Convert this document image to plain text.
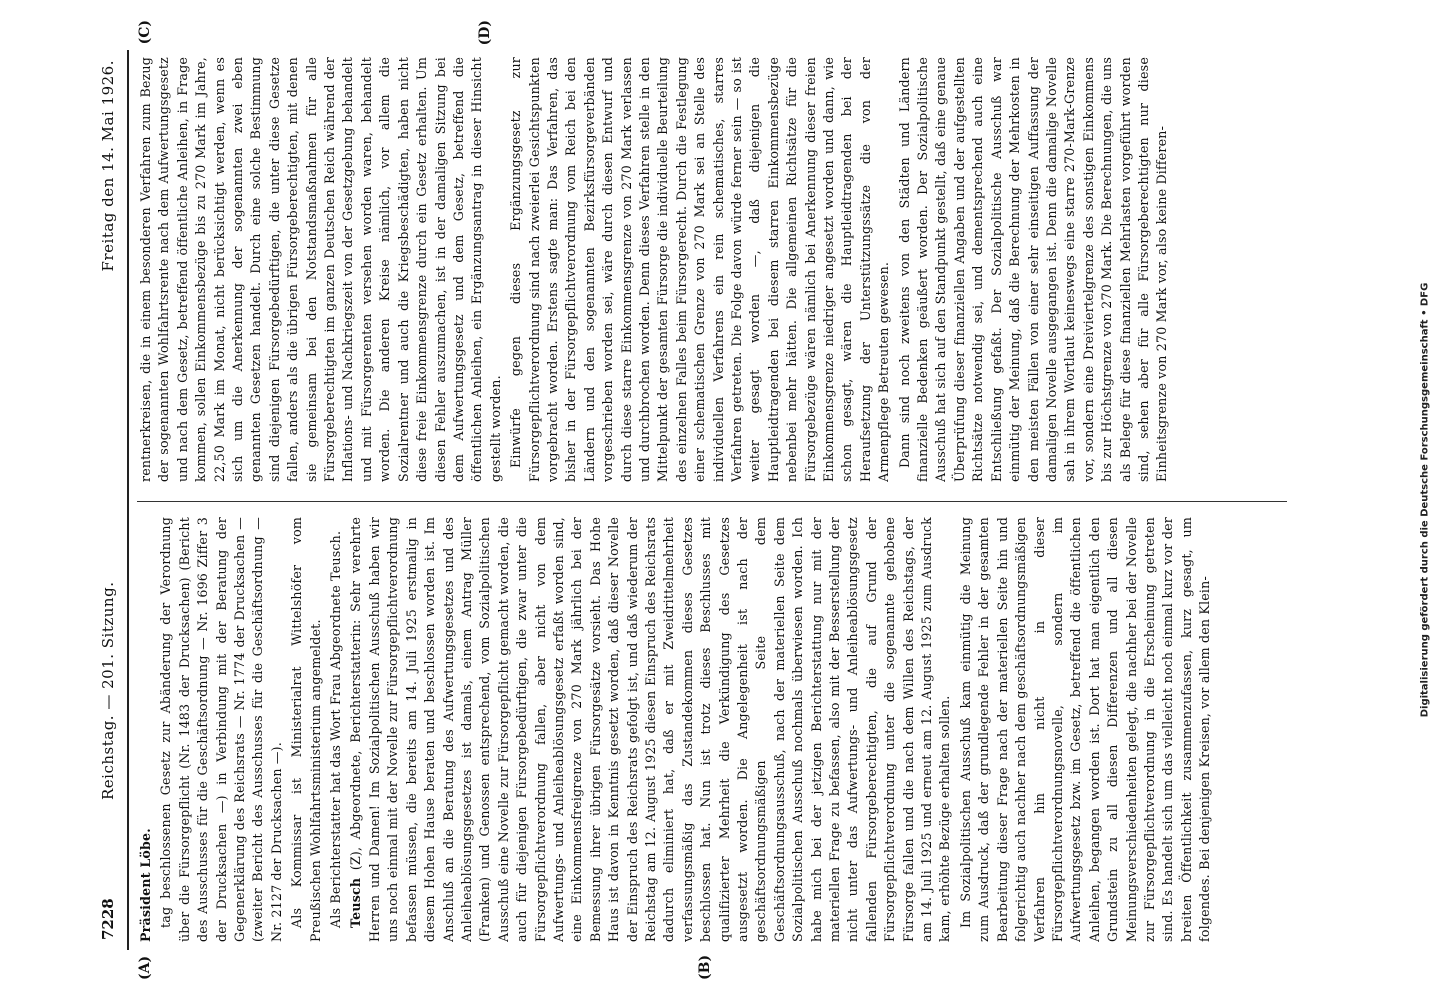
7228
Reichstag. — 201. Sitzung.
Freitag den 14. Mai 1926.
(A)	(B)
(C)	(D)

Präsident Löbe. tag beschlossenen Gesetz zur Abänderung der Verordnung über die Fürsorgepflicht (Nr. 1483 der Drucksachen) (Bericht des Ausschusses für die Geschäftsordnung — Nr. 1696 Ziffer 3 der Drucksachen —) in Verbindung mit der Beratung der Gegenerklärung des Reichsrats — Nr. 1774 der Drucksachen — (zweiter Bericht des Ausschusses für die Geschäftsordnung — Nr. 2127 der Drucksachen —). Als Kommissar ist Ministerialrat Wittelshöfer vom Preußischen Wohlfahrtsministerium angemeldet. Als Berichterstatter hat das Wort Frau Abgeordnete Teusch. Teusch (Z), Abgeordnete, Berichterstatterin: Sehr verehrte Herren und Damen! Im Sozialpolitischen Ausschuß haben wir uns noch einmal mit der Novelle zur Fürsorgepflichtverordnung befassen müssen, die bereits am 14. Juli 1925 erstmalig in diesem Hohen Hause beraten und beschlossen worden ist. Im Anschluß an die Beratung des Aufwertungsgesetzes und des Anleiheablösungsgesetzes ist damals, einem Antrag Müller (Franken) und Genossen entsprechend, vom Sozialpolitischen Ausschuß eine Novelle zur Fürsorgepflicht gemacht worden, die auch für diejenigen Fürsorgebedürftigen, die zwar unter die Fürsorgepflichtverordnung fallen, aber nicht von dem Aufwertungs- und Anleiheablösungsgesetz erfaßt worden sind, eine Einkommensfreigrenze von 270 Mark jährlich bei der Bemessung ihrer übrigen Fürsorgesätze vorsieht. Das Hohe Haus ist davon in Kenntnis gesetzt worden, daß dieser Novelle der Einspruch des Reichsrats gefolgt ist, und daß wiederum der Reichstag am 12. August 1925 diesen Einspruch des Reichsrats dadurch eliminiert hat, daß er mit Zweidrittelmehrheit verfassungsmäßig das Zustandekommen dieses Gesetzes beschlossen hat. Nun ist trotz dieses Beschlusses mit qualifizierter Mehrheit die Verkündigung des Gesetzes ausgesetzt worden. Die Angelegenheit ist nach der geschäftsordnungsmäßigen Seite dem Geschäftsordnungsausschuß, nach der materiellen Seite dem Sozialpolitischen Ausschuß nochmals überwiesen worden. Ich habe mich bei der jetzigen Berichterstattung nur mit der materiellen Frage zu befassen, also mit der Besserstellung der nicht unter das Aufwertungs- und Anleiheablösungsgesetz fallenden Fürsorgeberechtigten, die auf Grund der Fürsorgepflichtverordnung unter die sogenannte gehobene Fürsorge fallen und die nach dem Willen des Reichstags, der am 14. Juli 1925 und erneut am 12. August 1925 zum Ausdruck kam, erhöhte Bezüge erhalten sollen. Im Sozialpolitischen Ausschuß kam einmütig die Meinung zum Ausdruck, daß der grundlegende Fehler in der gesamten Bearbeitung dieser Frage nach der materiellen Seite hin und folgerichtig auch nachher nach dem geschäftsordnungsmäßigen Verfahren hin nicht in dieser Fürsorgepflichtverordnungsnovelle, sondern im Aufwertungsgesetz bzw. im Gesetz, betreffend die öffentlichen Anleihen, begangen worden ist. Dort hat man eigentlich den Grundstein zu all diesen Differenzen und all diesen Meinungsverschiedenheiten gelegt, die nachher bei der Novelle zur Fürsorgepflichtverordnung in die Erscheinung getreten sind. Es handelt sich um das vielleicht noch einmal kurz vor der breiten Öffentlichkeit zusammenzufassen, kurz gesagt, um folgendes. Bei denjenigen Kreisen, vor allem den Klein-

rentnerkreisen, die in einem besonderen Verfahren zum Bezug der sogenannten Wohlfahrtsrente nach dem Aufwertungsgesetz und nach dem Gesetz, betreffend öffentliche Anleihen, in Frage kommen, sollen Einkommensbezüge bis zu 270 Mark im Jahre, 22,50 Mark im Monat, nicht berücksichtigt werden, wenn es sich um die Anerkennung der sogenannten zwei eben genannten Gesetzen handelt. Durch eine solche Bestimmung sind diejenigen Fürsorgebedürftigen, die unter diese Gesetze fallen, anders als die übrigen Fürsorgeberechtigten, mit denen sie gemeinsam bei den Notstandsmaßnahmen für alle Fürsorgeberechtigten im ganzen Deutschen Reich während der Inflations- und Nachkriegszeit von der Gesetzgebung behandelt und mit Fürsorgerenten versehen worden waren, behandelt worden. Die anderen Kreise nämlich, vor allem die Sozialrentner und auch die Kriegsbeschädigten, haben nicht diese freie Einkommensgrenze durch ein Gesetz erhalten. Um diesen Fehler auszumachen, ist in der damaligen Sitzung bei dem Aufwertungsgesetz und dem Gesetz, betreffend die öffentlichen Anleihen, ein Ergänzungsantrag in dieser Hinsicht gestellt worden. Einwürfe gegen dieses Ergänzungsgesetz zur Fürsorgepflichtverordnung sind nach zweierlei Gesichtspunkten vorgebracht worden. Erstens sagte man: Das Verfahren, das bisher in der Fürsorgepflichtverordnung vom Reich bei den Ländern und den sogenannten Bezirksfürsorgeverbänden vorgeschrieben worden sei, wäre durch diesen Entwurf und durch diese starre Einkommensgrenze von 270 Mark verlassen und durchbrochen worden. Denn dieses Verfahren stelle in den Mittelpunkt der gesamten Fürsorge die individuelle Beurteilung des einzelnen Falles beim Fürsorgerecht. Durch die Festlegung einer schematischen Grenze von 270 Mark sei an Stelle des individuellen Verfahrens ein rein schematisches, starres Verfahren getreten. Die Folge davon würde ferner sein — so ist weiter gesagt worden —, daß diejenigen die Hauptleidtragenden bei diesem starren Einkommensbezüge nebenbei mehr hätten. Die allgemeinen Richtsätze für die Fürsorgebezüge wären nämlich bei Anerkennung dieser freien Einkommensgrenze niedriger angesetzt worden und dann, wie schon gesagt, wären die Hauptleidtragenden bei der Heraufsetzung der Unterstützungssätze die von der Armenpflege Betreuten gewesen. Dann sind noch zweitens von den Städten und Ländern finanzielle Bedenken geäußert worden. Der Sozialpolitische Ausschuß hat sich auf den Standpunkt gestellt, daß eine genaue Überprüfung dieser finanziellen Angaben und der aufgestellten Richtsätze notwendig sei, und dementsprechend auch eine Entschließung gefaßt. Der Sozialpolitische Ausschuß war einmütig der Meinung, daß die Berechnung der Mehrkosten in den meisten Fällen von einer sehr einseitigen Auffassung der damaligen Novelle ausgegangen ist. Denn die damalige Novelle sah in ihrem Wortlaut keineswegs eine starre 270-Mark-Grenze vor, sondern eine Dreiviertelgrenze des sonstigen Einkommens bis zur Höchstgrenze von 270 Mark. Die Berechnungen, die uns als Belege für diese finanziellen Mehrlasten vorgeführt worden sind, sehen aber für alle Fürsorgeberechtigten nur diese Einheitsgrenze von 270 Mark vor, also keine Differen-	Digitalisierung gefördert durch die Deutsche Forschungsgemeinschaft • DFG
